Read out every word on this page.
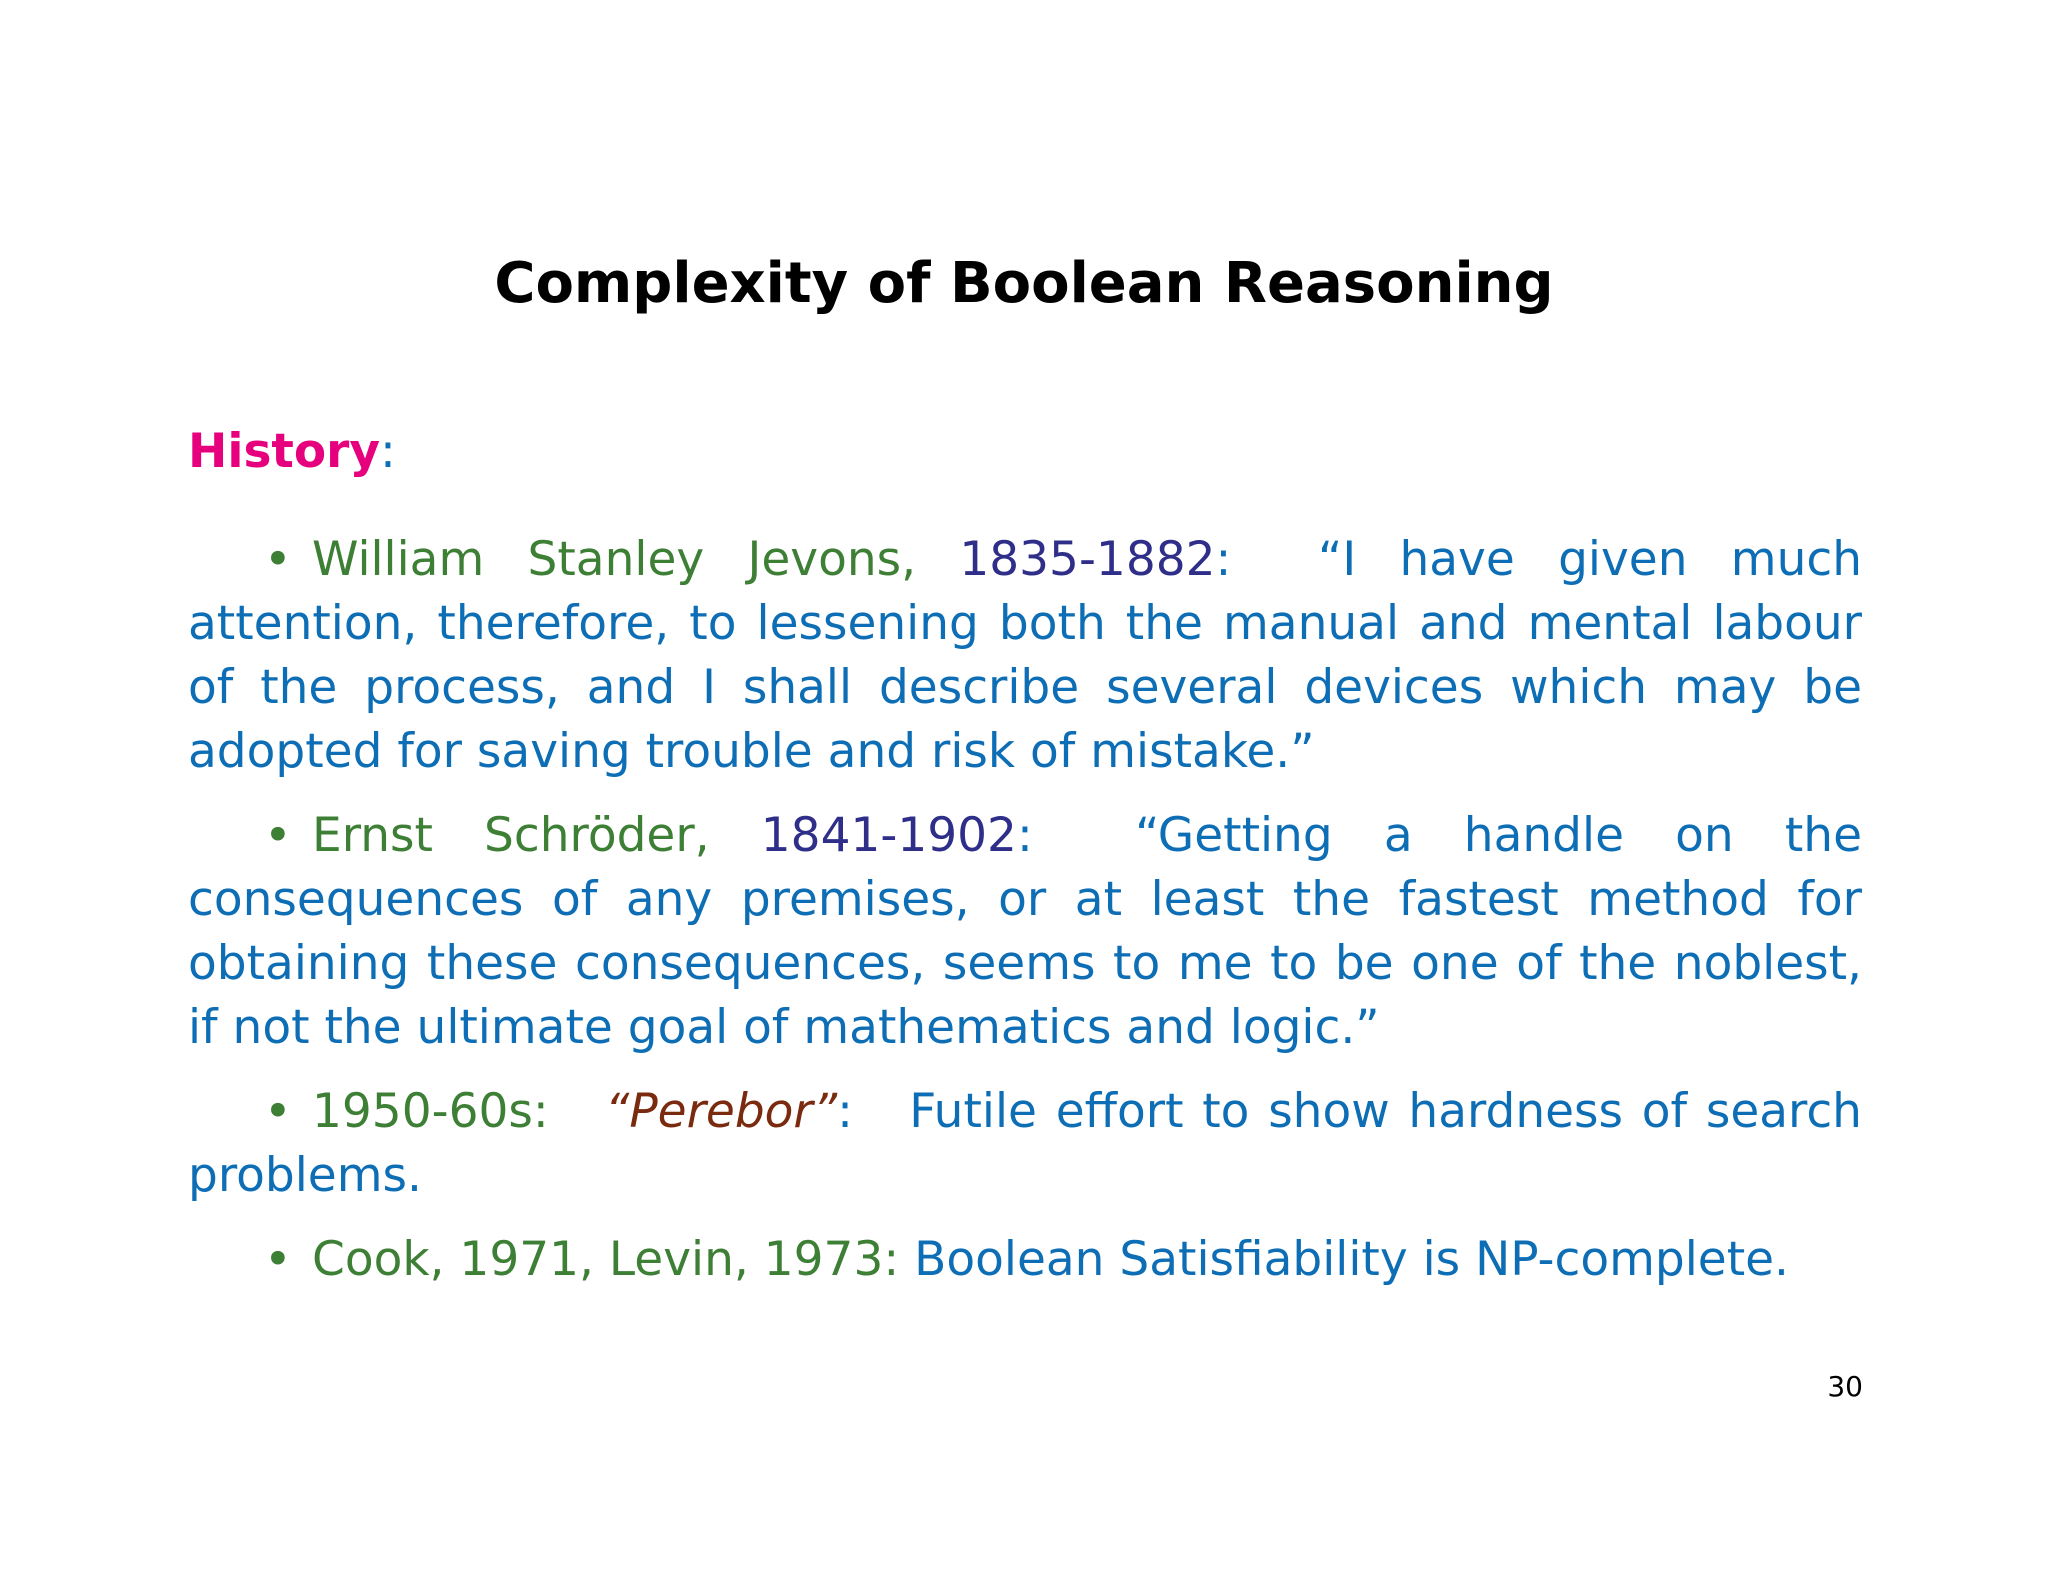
Complexity of Boolean Reasoning
History:

• William Stanley Jevons, 1835-1882: “I have given much attention, therefore, to lessening both the manual and mental labour of the process, and I shall describe several devices which may be adopted for saving trouble and risk of mistake.”

• Ernst Schröder, 1841-1902: “Getting a handle on the consequences of any premises, or at least the fastest method for obtaining these consequences, seems to me to be one of the noblest, if not the ultimate goal of mathematics and logic.”

• 1950-60s: “Perebor”: Futile effort to show hardness of search problems.

• Cook, 1971, Levin, 1973: Boolean Satisfiability is NP-complete.

30
